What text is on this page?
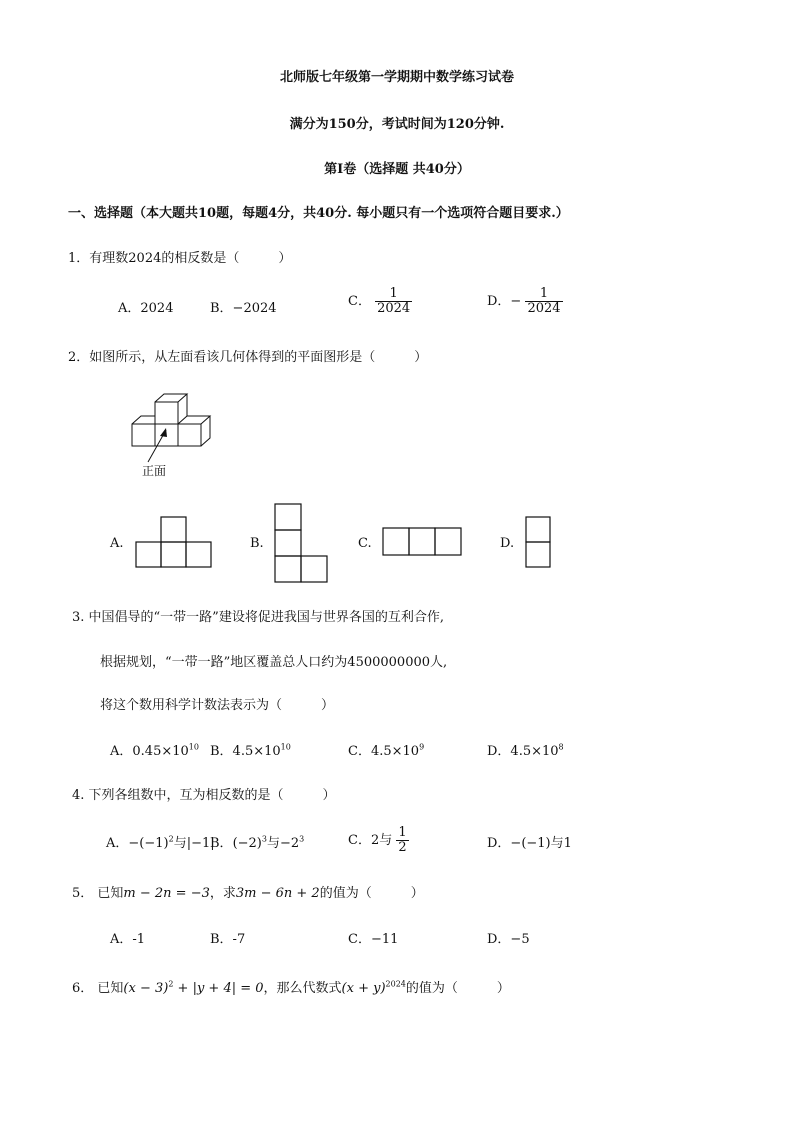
北师版七年级第一学期期中数学练习试卷
满分为150分，考试时间为120分钟.
第Ⅰ卷（选择题 共40分）
一、选择题（本大题共10题，每题4分，共40分. 每小题只有一个选项符合题目要求.）
1．有理数2024的相反数是（　　　）
A．2024	B．−2024	C． $\frac{1}{2024}$	D．− $\frac{1}{2024}$
2．如图所示，从左面看该几何体得到的平面图形是（　　　）
正面
A.	B.	C.	D.
3. 中国倡导的“一带一路”建设将促进我国与世界各国的互利合作,
根据规划，“一带一路”地区覆盖总人口约为4500000000人,
将这个数用科学计数法表示为（　　　）
A．$0.45\times 10^{10}$ B．$4.5\times 10^{10}$	C．$4.5\times 10^9$	D．$4.5\times 10^8$
4. 下列各组数中，互为相反数的是（　　　）
A．$-(-1)^2$与|−1|
B．$(-2)^3$与$-2^3$	C．2与 $\frac{1}{2}$	D．−(−1)与1
5． 已知m − 2n = −3，求3m − 6n + 2的值为（　　　）
A．-1	B．-7	C．−11	D．−5
6． 已知$(x - 3)^2 + |y + 4| = 0$，那么代数式$(x + y)^{2024}$的值为（　　　）
